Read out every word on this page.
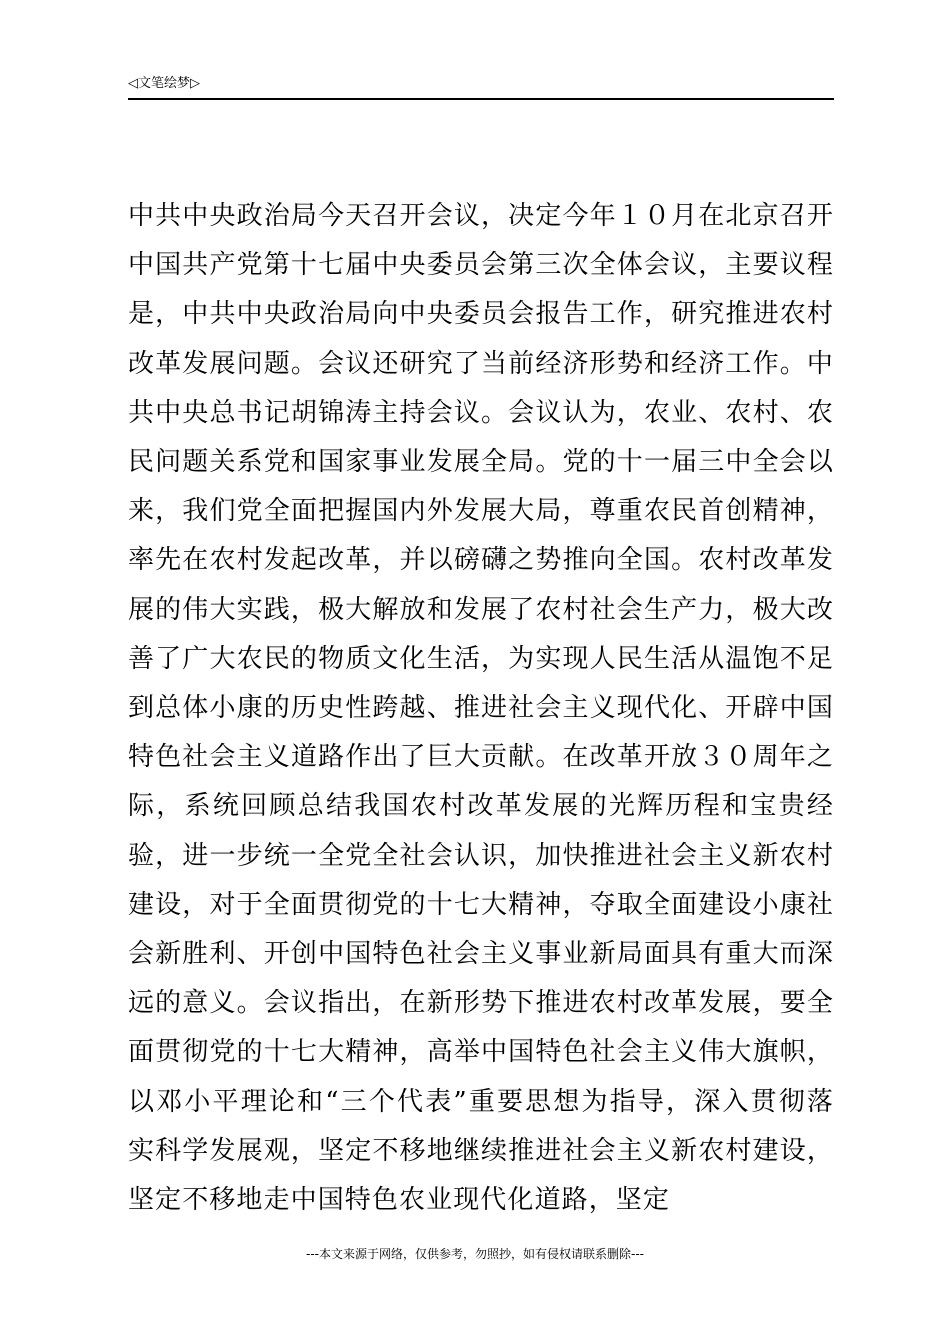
◁文笔绘梦▷

中共中央政治局今天召开会议，决定今年１０月在北京召开中国共产党第十七届中央委员会第三次全体会议，主要议程是，中共中央政治局向中央委员会报告工作，研究推进农村改革发展问题。会议还研究了当前经济形势和经济工作。中共中央总书记胡锦涛主持会议。会议认为，农业、农村、农民问题关系党和国家事业发展全局。党的十一届三中全会以来，我们党全面把握国内外发展大局，尊重农民首创精神，率先在农村发起改革，并以磅礴之势推向全国。农村改革发展的伟大实践，极大解放和发展了农村社会生产力，极大改善了广大农民的物质文化生活，为实现人民生活从温饱不足到总体小康的历史性跨越、推进社会主义现代化、开辟中国特色社会主义道路作出了巨大贡献。在改革开放３０周年之际，系统回顾总结我国农村改革发展的光辉历程和宝贵经验，进一步统一全党全社会认识，加快推进社会主义新农村建设，对于全面贯彻党的十七大精神，夺取全面建设小康社会新胜利、开创中国特色社会主义事业新局面具有重大而深远的意义。会议指出，在新形势下推进农村改革发展，要全面贯彻党的十七大精神，高举中国特色社会主义伟大旗帜，以邓小平理论和“三个代表”重要思想为指导，深入贯彻落实科学发展观，坚定不移地继续推进社会主义新农村建设，坚定不移地走中国特色农业现代化道路，坚定

---本文来源于网络，仅供参考，勿照抄，如有侵权请联系删除---
